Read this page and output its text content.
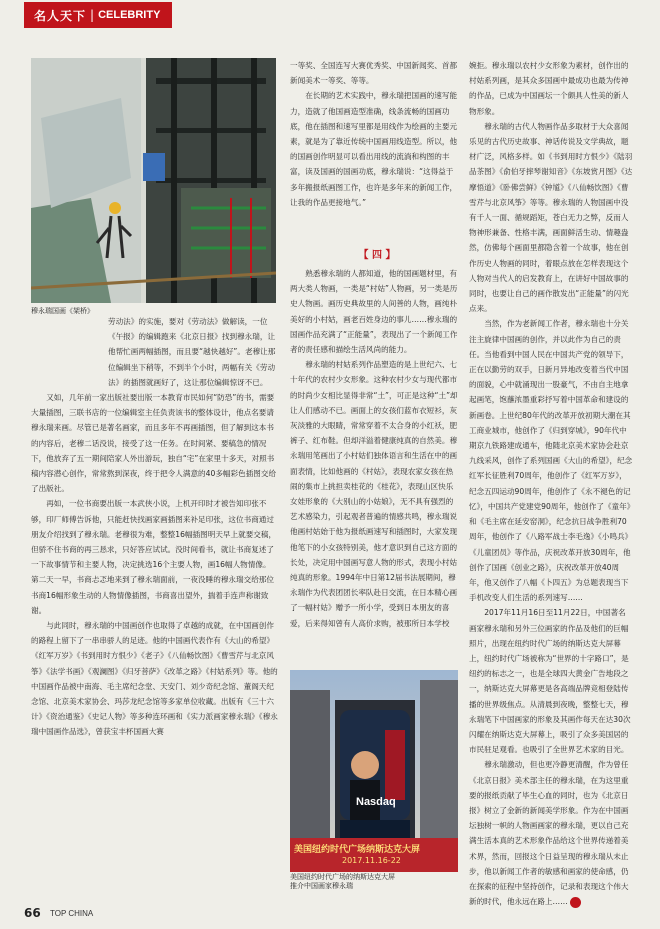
名人天下 | CELEBRITY
穆永瑞国画《架桥》

劳动法》的实施，要对《劳动法》做解读，一位《午报》的编辑跑来《北京日报》找到穆永瑞，让他帮忙画两幅插图，而且要“越快越好”。老穆让那位编辑坐下稍等，不到半个小时，两幅有关《劳动法》的插图就画好了，这让那位编辑惊讶不已。

又如，几年前一家出版社要出版一本教育市民如何“防恐”的书，需要大量插图，三联书店的一位编辑室主任负责该书的整体设计，他点名要请穆永瑞来画。尽管已是著名画家，而且多年不再画插图，但了解到这本书的内容后，老穆二话没说，接受了这一任务。在时间紧、要稿急的情况下，他放弃了五一期间陪家人外出游玩，独自“宅”在家里十多天，对照书稿内容潜心创作，常常熬到深夜，终于把令人满意的40多幅彩色插图交给了出版社。

再如，一位书商要出版一本武侠小说，上机开印时才被告知印张不够，印厂师傅告诉他，只能赶快找画家画插图来补足印张，这位书商通过朋友介绍找到了穆永瑞。老穆很为难，整整16幅插图明天早上就要交稿，但骄不住书商的再三恳求，只好答应试试。没时间看书，就让书商复述了一下故事情节和主要人物，决定挑选16个主要人物，画16幅人物情像。第二天一早，书商忐忑地来到了穆永瑞面前，一夜没睡的穆永瑞交给那位书商16幅形象生动的人物情像插图，书商喜出望外，揣着手连声称谢致谢。

与此同时，穆永瑞的中国画创作也取得了卓越的成就，在中国画创作的路程上留下了一串串骄人的足迹。他的中国画代表作有《大山的希望》《红军万岁》《书到用时方恨少》《老子》《八仙畅饮图》《曹雪芹与北京风筝》《法学书画》《观澜图》《归牙菩萨》《改革之路》《村姑系列》等。他的中国画作品被中南海、毛主席纪念堂、天安门、刘少奇纪念馆、董阁天纪念馆、北京美术家协会、玛莎龙纪念馆等多家单位收藏。出版有《三十六计》《资治通鉴》《史记人物》等多种连环画和《实力派画家穆永瑞》《穆永瑞中国画作品选》，曾获宝丰杯国画大赛

一等奖、全国连写大赛优秀奖、中国新闻奖、首都新闻美术一等奖、等等。

在长期的艺术实践中，穆永瑞把国画的速写能力，造就了他国画造型准确，线条流畅的国画功底，他在插图和速写里都是用线作为绘画的主要元素，就是为了靠近传统中国画用线造型。所以，他的国画创作明显可以看出用线的流淌和构图的丰富，读及国画的国画功底，穆永瑞说：“这得益于多年搬报纸画图工作，也许是多年来的新闻工作，让我的作品更接地气。”

【 四 】

熟悉穆永瑞的人都知道，他的国画题材里，有两大类人物画，一类是“村姑”人物画，另一类是历史人物画。画历史典故里的人间善的人物，画纯朴美好的小村姑，画老百姓身边的事儿……穆永瑞的国画作品充满了“正能量”，表现出了一个新闻工作者的责任感和描绘生活风尚的能力。

穆永瑞的村姑系列作品塑造的是上世纪六、七十年代的农村少女形象。这种农村少女与现代都市的时尚少女相比显得非常“土”，可正是这种“土”却让人们感动不已。画面上的女孩们蓝布衣短衫，灰灰淡雅的大眼睛，常常穿着不太合身的小红袄，肥裤子、红布鞋。但却洋溢着健康纯真的自然美。穆永瑞用笔画出了小村姑们独体语言和生活在中的画面表情，比如他画的《村姑》，表现农家女孩在热闹的集市上挑担卖桂花的《桂花》，表现山区快乐女娃形象的《大别山的小姑娘》，无不具有强烈的艺术感染力，引起观者普遍的情感共鸣，穆永瑞说他画村姑始于他为报纸画速写和插图时，大家发现他笔下的小女孩特别美，他才意识到自己这方面的长处，决定用中国画写意人物的形式，表现小村姑纯真的形象。1994年中日第12届书法展期间，穆永瑞作为代表团团长率队赴日交流，在日本精心画了一幅村姑》赠予一所小学，受到日本朋友的喜爱，后来得知曾有人高价求购，被那所日本学校

Nasdaq
美国纽约时代广场纳斯达克大屏
2017.11.16-22
美国纽约时代广场的纳斯达克大屏
推介中国画家穆永瑞

婉拒。穆永瑞以农村少女形象为素材，创作出的村姑系列画，是其众多国画中最成功也最为传神的作品，已成为中国画坛一个颇具人性美的新人物形象。

穆永瑞的古代人物画作品多取材于大众喜闻乐见的古代历史故事、神话传说及文学典故，题材广泛，风格多样。如《书到用时方恨少》《陆羽品茶图》《俞伯牙摔琴谢知音》《东坡赏月图》《达摩悟道》《卧佛尝鲜》《钟馗》《八仙畅饮图》《曹雪芹与北京风筝》等等。穆永瑞的人物国画中没有千人一面、循规蹈矩，苍白无力之弊，反而人物神形兼备、性格丰满，画面鲜活生动、情趣盎然，仿佛每个画面里都隐含着一个故事，他在创作历史人物画的同时，着眼点放在怎样表现这个人物对当代人的启发教育上，在讲好中国故事的同时，也要让自己的画作散发出“正能量”的闪光点来。

当然，作为老新闻工作者，穆永瑞也十分关注主旋律中国画的创作，并以此作为自己的责任。当他看到中国人民在中国共产党的领导下，正在以勤劳的双手，日新月异地改变着当代中国的面貌，心中就涌现出一股豪气，不由自主地拿起画笔，饱蘸浓墨重彩抒写着中国革命和建设的新画卷。上世纪80年代的改革开放初期大潮在其工商业城市，他创作了《归到穿城》，90年代中期京九铁路建成通车，他随北京美术家协会赴京九线采风，创作了系列国画《大山的希望》，纪念红军长征胜利70周年，他创作了《红军万岁》，纪念五四运动90周年，他创作了《永不褪色的记忆》，中国共产党建党90周年，他创作了《童年》和《毛主席在延安窑洞》，纪念抗日战争胜利70周年，他创作了《八路军战士李毛逸》《小鸣兵》《儿童团员》等作品，庆祝改革开放30周年，他创作了国画《创业之路》，庆祝改革开放40周年，他又创作了八幅《卜四五》为总题表现当下手机改变人们生活的系列速写……

2017年11月16日至11月22日，中国著名画家穆永瑞和另外三位画家的作品及他们的巨幅照片，出现在纽约时代广场的纳斯达克大屏幕上，纽约时代广场被称为“世界的十字路口”，是纽约的标志之一，也是全球四大黄金广告地段之一，纳斯达克大屏幕更是各高端品牌竞相登陆传播的世界级焦点。从清晨到夜晚，整整七天，穆永瑞笔下中国画家的形象及其画作每天在达30次闪耀在纳斯达克大屏幕上，吸引了众多美国居的市民驻足观看。也吸引了全世界艺术家的目光。

穆永瑞激动，但也更冷静更清醒，作为曾任《北京日报》美术部主任的穆永瑞，在为这里重要的报纸贡献了毕生心血的同时，也为《北京日报》树立了金新的新闻美学形象。作为在中国画坛独树一帜的人物画画家的穆永瑞，更以自己充满生活本真的艺术形象作品给这个世界传递着美术界，然而，回报这个日益呈现的穆永瑞从未止步，他以新闻工作者的敏感和画家的使命感，仍在探索的征程中坚持创作，记录和表现这个伟大新的时代，他永远在路上……

66 TOP CHINA
